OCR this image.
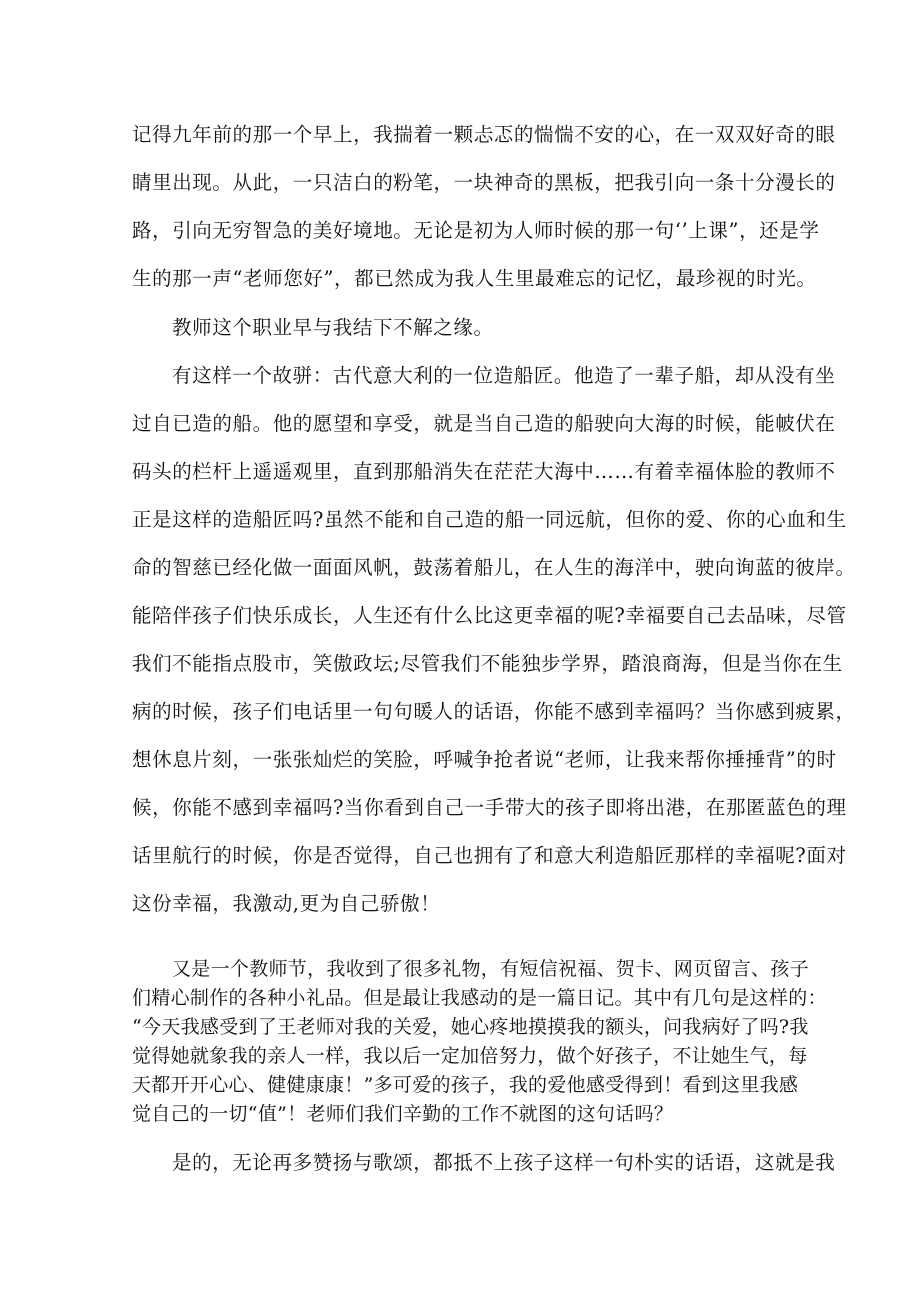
记得九年前的那一个早上，我揣着一颗忐忑的惴惴不安的心，在一双双好奇的眼
睛里出现。从此，一只洁白的粉笔，一块神奇的黑板，把我引向一条十分漫长的
路，引向无穷智急的美好境地。无论是初为人师时候的那一句‘’上课”，还是学
生的那一声“老师您好”，都已然成为我人生里最难忘的记忆，最珍视的时光。
教师这个职业早与我结下不解之缘。
有这样一个故骈：古代意大利的一位造船匠。他造了一辈子船，却从没有坐
过自已造的船。他的愿望和享受，就是当自己造的船驶向大海的时候，能帔伏在
码头的栏杆上遥遥观里，直到那船消失在茫茫大海中……有着幸福体脸的教师不
正是这样的造船匠吗?虽然不能和自己造的船一同远航，但你的爱、你的心血和生
命的智慈已经化做一面面风帆，鼓荡着船儿，在人生的海洋中，驶向询蓝的彼岸。
能陪伴孩子们快乐成长，人生还有什么比这更幸福的呢?幸福要自己去品味，尽管
我们不能指点股市，笑傲政坛;尽管我们不能独步学界，踏浪商海，但是当你在生
病的时候，孩子们电话里一句句暖人的话语，你能不感到幸福吗？当你感到疲累，
想休息片刻，一张张灿烂的笑脸，呼喊争抢者说“老师，让我来帮你捶捶背”的时
候，你能不感到幸福吗?当你看到自己一手带大的孩子即将出港，在那匿蓝色的理
话里航行的时候，你是否觉得，自己也拥有了和意大利造船匠那样的幸福呢?面对
这份幸福，我激动,更为自己骄傲！
又是一个教师节，我收到了很多礼物，有短信祝福、贺卡、网页留言、孩子
们精心制作的各种小礼品。但是最让我感动的是一篇日记。其中有几句是这样的：
“今天我感受到了王老师对我的关爱，她心疼地摸摸我的额头，问我病好了吗?我
觉得她就象我的亲人一样，我以后一定加倍努力，做个好孩子，不让她生气，每
天都开开心心、健健康康！”多可爱的孩子，我的爱他感受得到！看到这里我感
觉自己的一切“值”！老师们我们辛勤的工作不就图的这句话吗？
是的，无论再多赞扬与歌颂，都抵不上孩子这样一句朴实的话语，这就是我
